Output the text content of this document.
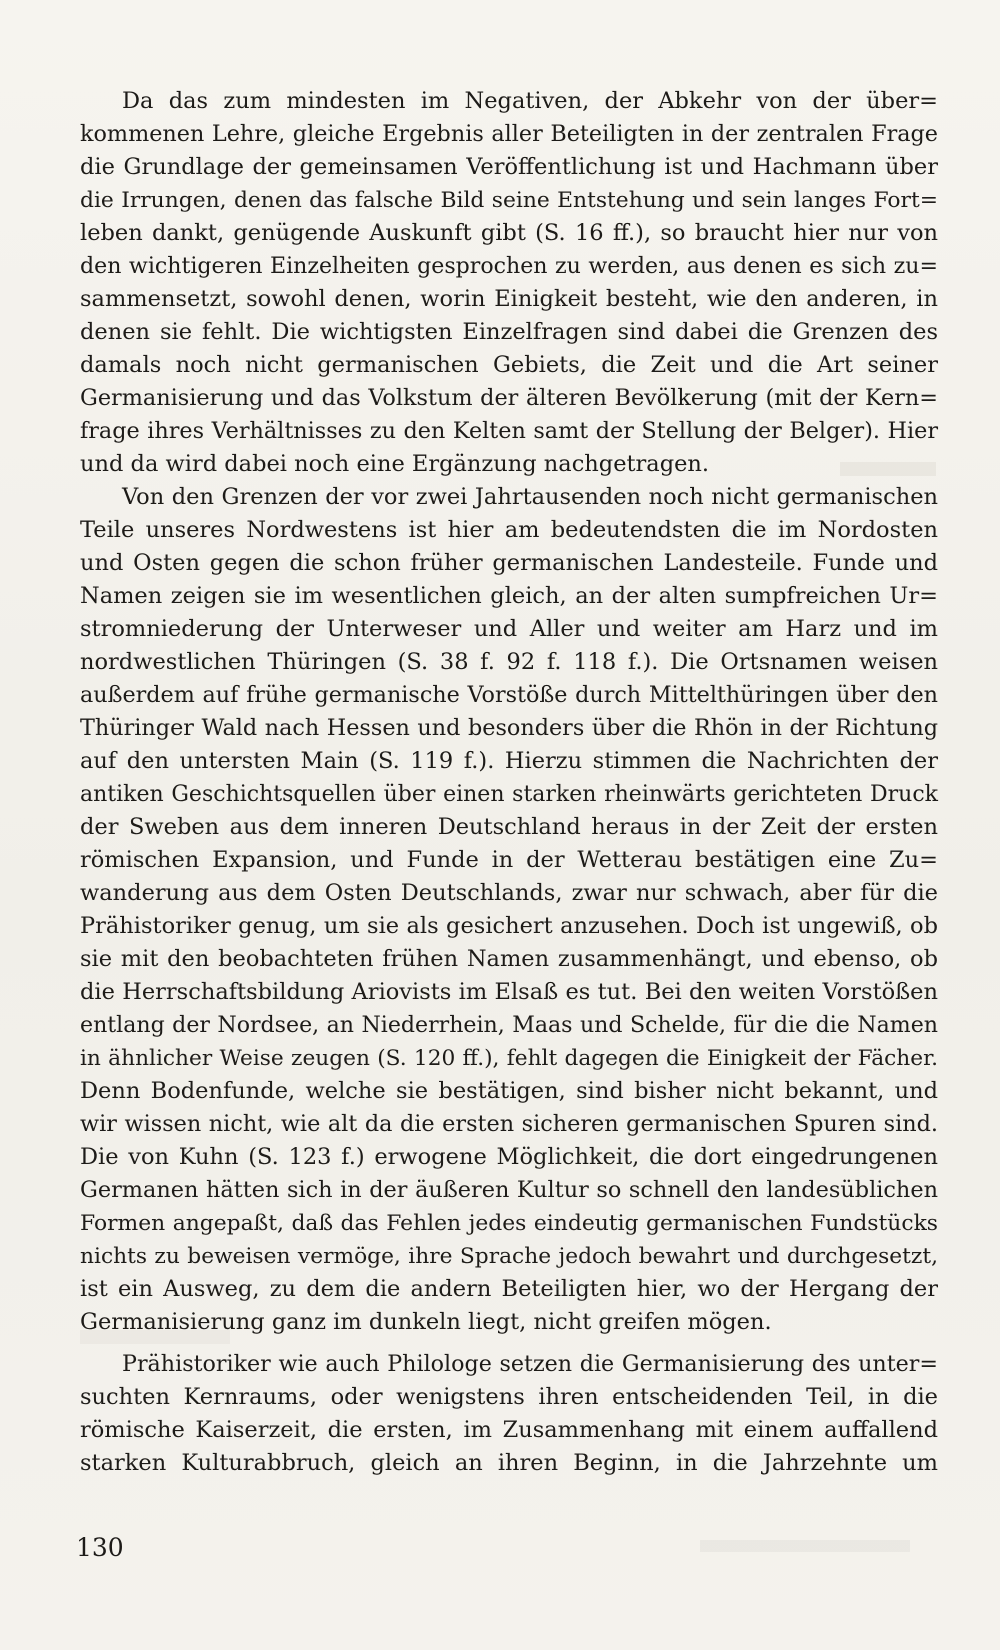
Da das zum mindesten im Negativen, der Abkehr von der über=
kommenen Lehre, gleiche Ergebnis aller Beteiligten in der zentralen Frage
die Grundlage der gemeinsamen Veröffentlichung ist und Hachmann über
die Irrungen, denen das falsche Bild seine Entstehung und sein langes Fort=
leben dankt, genügende Auskunft gibt (S. 16 ff.), so braucht hier nur von
den wichtigeren Einzelheiten gesprochen zu werden, aus denen es sich zu=
sammensetzt, sowohl denen, worin Einigkeit besteht, wie den anderen, in
denen sie fehlt. Die wichtigsten Einzelfragen sind dabei die Grenzen des
damals noch nicht germanischen Gebiets, die Zeit und die Art seiner
Germanisierung und das Volkstum der älteren Bevölkerung (mit der Kern=
frage ihres Verhältnisses zu den Kelten samt der Stellung der Belger). Hier
und da wird dabei noch eine Ergänzung nachgetragen.
Von den Grenzen der vor zwei Jahrtausenden noch nicht germanischen
Teile unseres Nordwestens ist hier am bedeutendsten die im Nordosten
und Osten gegen die schon früher germanischen Landesteile. Funde und
Namen zeigen sie im wesentlichen gleich, an der alten sumpfreichen Ur=
stromniederung der Unterweser und Aller und weiter am Harz und im
nordwestlichen Thüringen (S. 38 f. 92 f. 118 f.). Die Ortsnamen weisen
außerdem auf frühe germanische Vorstöße durch Mittelthüringen über den
Thüringer Wald nach Hessen und besonders über die Rhön in der Richtung
auf den untersten Main (S. 119 f.). Hierzu stimmen die Nachrichten der
antiken Geschichtsquellen über einen starken rheinwärts gerichteten Druck
der Sweben aus dem inneren Deutschland heraus in der Zeit der ersten
römischen Expansion, und Funde in der Wetterau bestätigen eine Zu=
wanderung aus dem Osten Deutschlands, zwar nur schwach, aber für die
Prähistoriker genug, um sie als gesichert anzusehen. Doch ist ungewiß, ob
sie mit den beobachteten frühen Namen zusammenhängt, und ebenso, ob
die Herrschaftsbildung Ariovists im Elsaß es tut. Bei den weiten Vorstößen
entlang der Nordsee, an Niederrhein, Maas und Schelde, für die die Namen
in ähnlicher Weise zeugen (S. 120 ff.), fehlt dagegen die Einigkeit der Fächer.
Denn Bodenfunde, welche sie bestätigen, sind bisher nicht bekannt, und
wir wissen nicht, wie alt da die ersten sicheren germanischen Spuren sind.
Die von Kuhn (S. 123 f.) erwogene Möglichkeit, die dort eingedrungenen
Germanen hätten sich in der äußeren Kultur so schnell den landesüblichen
Formen angepaßt, daß das Fehlen jedes eindeutig germanischen Fundstücks
nichts zu beweisen vermöge, ihre Sprache jedoch bewahrt und durchgesetzt,
ist ein Ausweg, zu dem die andern Beteiligten hier, wo der Hergang der
Germanisierung ganz im dunkeln liegt, nicht greifen mögen.
Prähistoriker wie auch Philologe setzen die Germanisierung des unter=
suchten Kernraums, oder wenigstens ihren entscheidenden Teil, in die
römische Kaiserzeit, die ersten, im Zusammenhang mit einem auffallend
starken Kulturabbruch, gleich an ihren Beginn, in die Jahrzehnte um
130
